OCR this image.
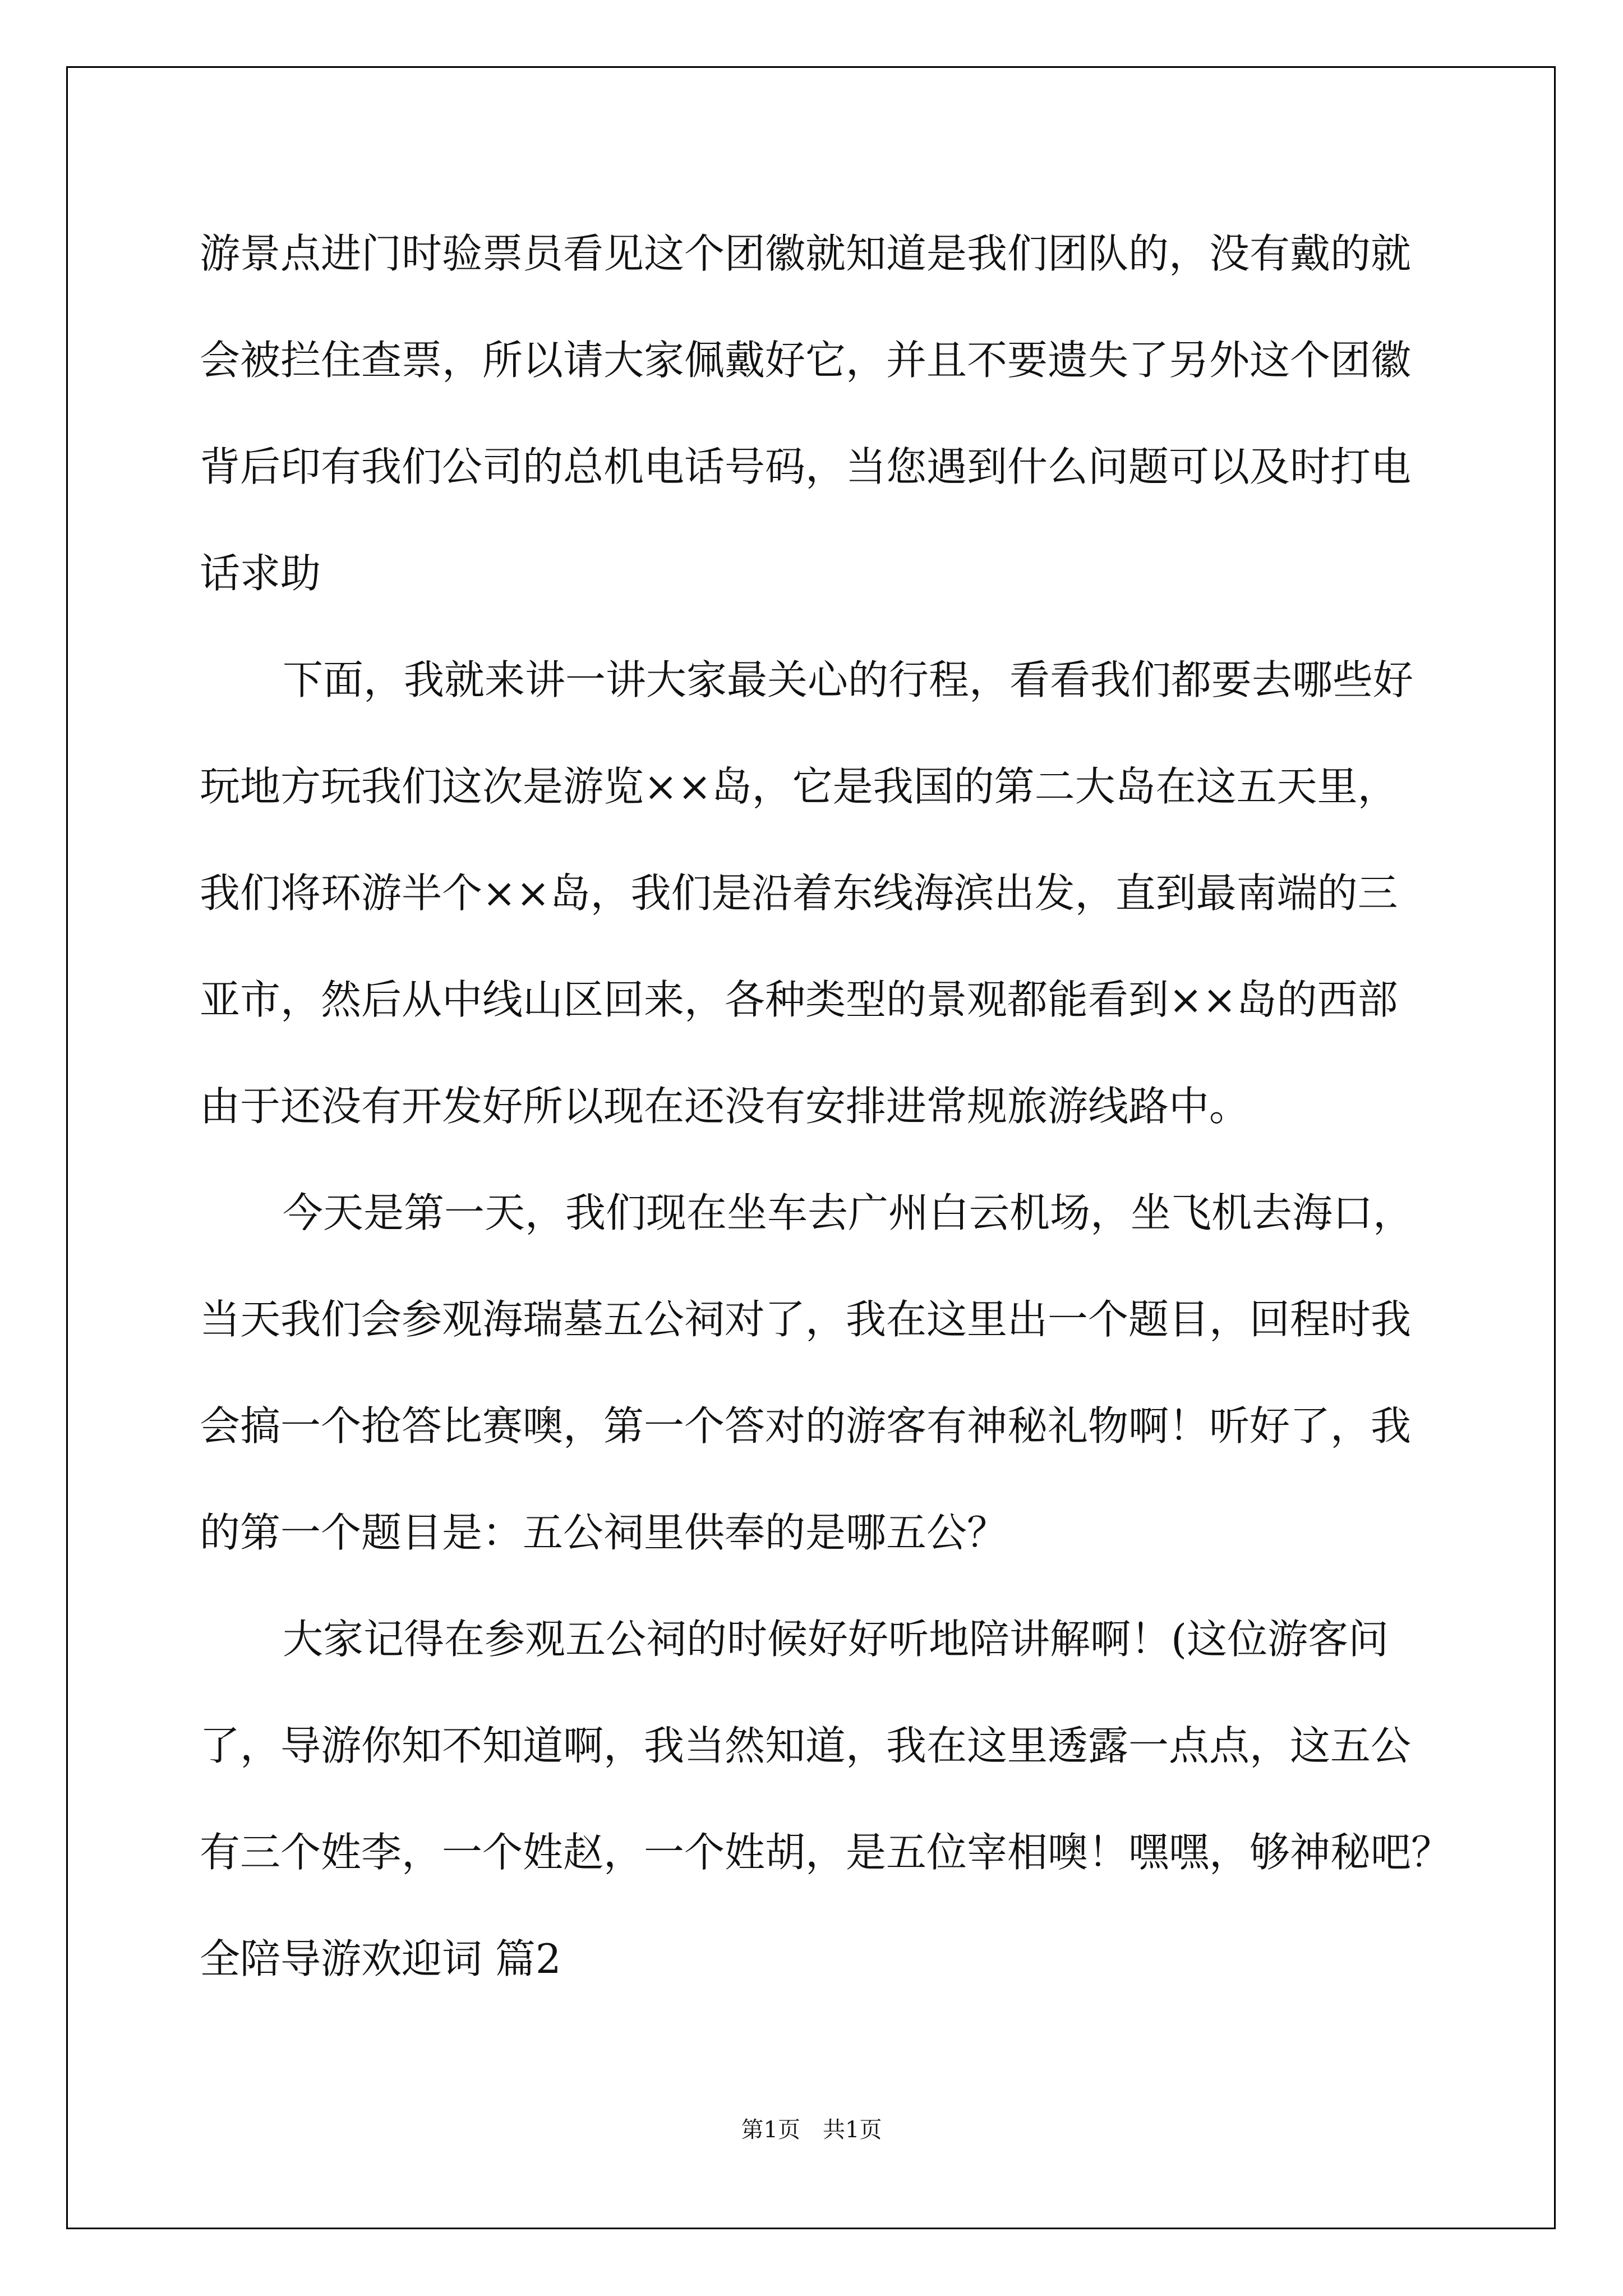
游景点进门时验票员看见这个团徽就知道是我们团队的，没有戴的就
会被拦住查票，所以请大家佩戴好它，并且不要遗失了另外这个团徽
背后印有我们公司的总机电话号码，当您遇到什么问题可以及时打电
话求助
下面，我就来讲一讲大家最关心的行程，看看我们都要去哪些好
玩地方玩我们这次是游览××岛，它是我国的第二大岛在这五天里，
我们将环游半个××岛，我们是沿着东线海滨出发，直到最南端的三
亚市，然后从中线山区回来，各种类型的景观都能看到××岛的西部
由于还没有开发好所以现在还没有安排进常规旅游线路中。
今天是第一天，我们现在坐车去广州白云机场，坐飞机去海口，
当天我们会参观海瑞墓五公祠对了，我在这里出一个题目，回程时我
会搞一个抢答比赛噢，第一个答对的游客有神秘礼物啊！听好了，我
的第一个题目是：五公祠里供奉的是哪五公？
大家记得在参观五公祠的时候好好听地陪讲解啊！(这位游客问
了，导游你知不知道啊，我当然知道，我在这里透露一点点，这五公
有三个姓李，一个姓赵，一个姓胡，是五位宰相噢！嘿嘿，够神秘吧？
全陪导游欢迎词 篇2
第1页　共1页
